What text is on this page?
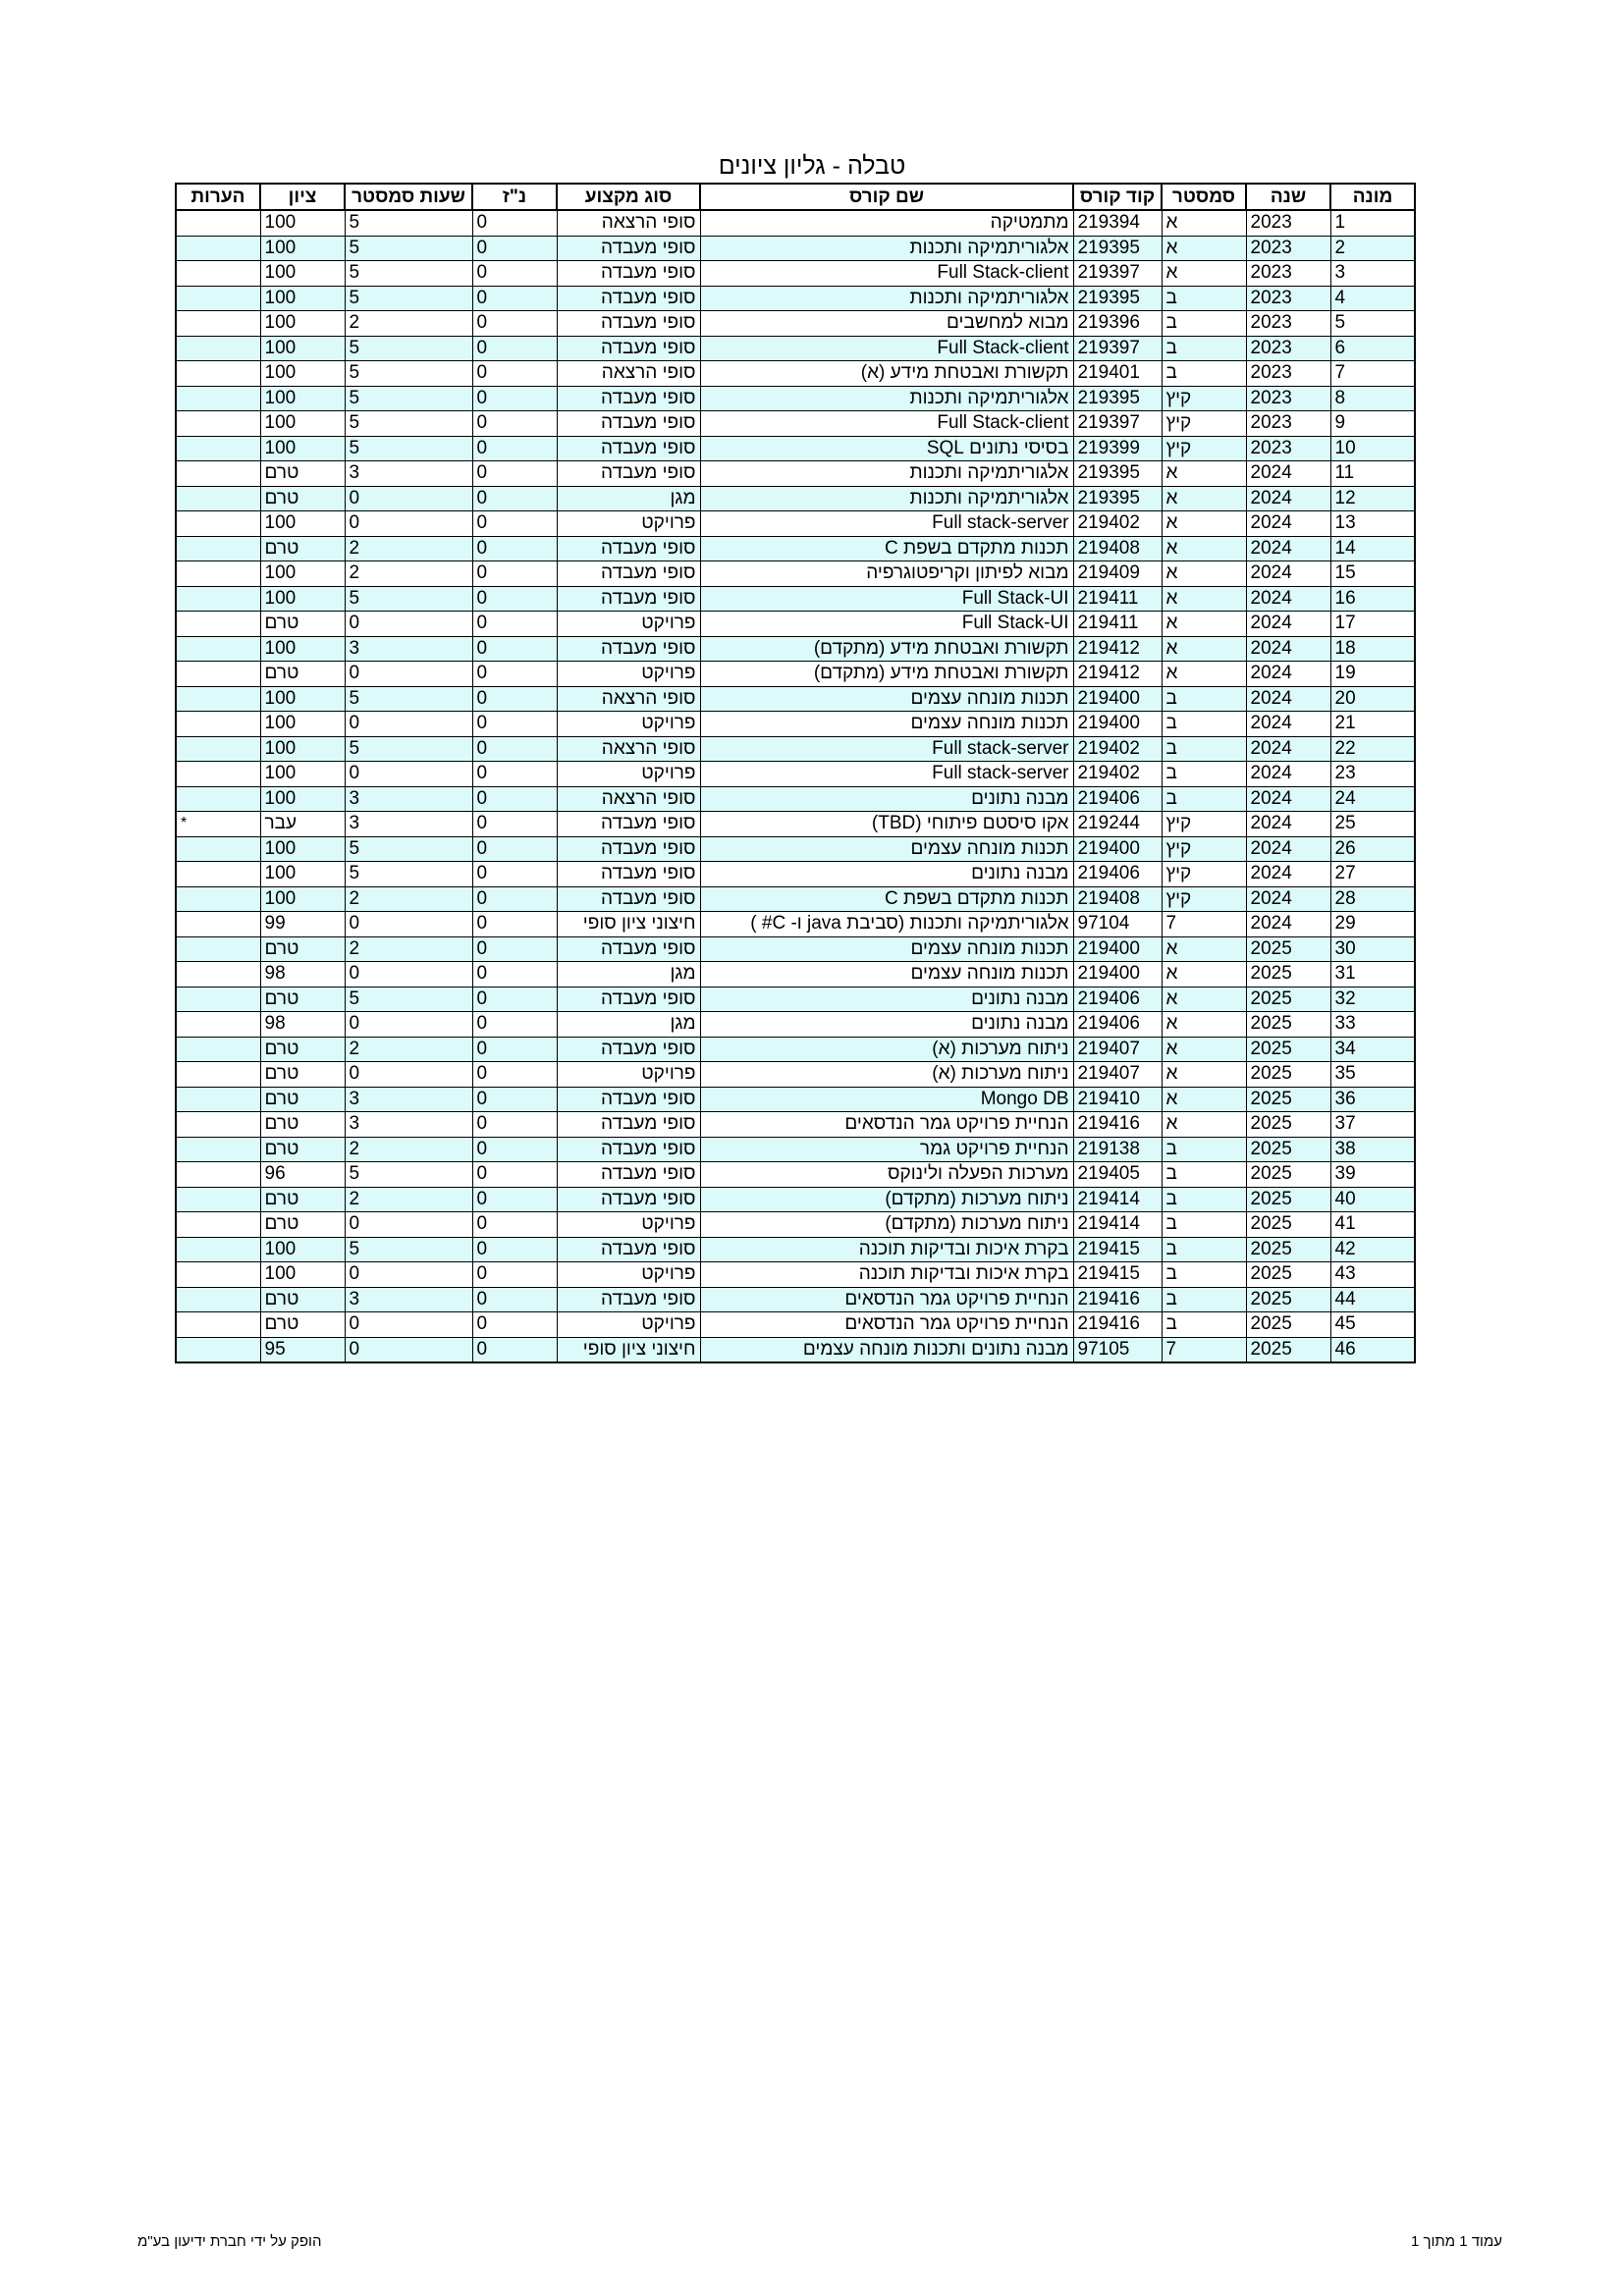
טבלה - גליון ציונים
מונה	שנה	סמסטר	קוד קורס	שם קורס	סוג מקצוע	נ"ז	שעות סמסטר	ציון	הערות
1	2023	א	219394	מתמטיקה	סופי הרצאה	0	5	100	
2	2023	א	219395	אלגוריתמיקה ותכנות	סופי מעבדה	0	5	100	
3	2023	א	219397	Full Stack-client	סופי מעבדה	0	5	100	
4	2023	ב	219395	אלגוריתמיקה ותכנות	סופי מעבדה	0	5	100	
5	2023	ב	219396	מבוא למחשבים	סופי מעבדה	0	2	100	
6	2023	ב	219397	Full Stack-client	סופי מעבדה	0	5	100	
7	2023	ב	219401	תקשורת ואבטחת מידע (א)	סופי הרצאה	0	5	100	
8	2023	קיץ	219395	אלגוריתמיקה ותכנות	סופי מעבדה	0	5	100	
9	2023	קיץ	219397	Full Stack-client	סופי מעבדה	0	5	100	
10	2023	קיץ	219399	בסיסי נתונים SQL	סופי מעבדה	0	5	100	
11	2024	א	219395	אלגוריתמיקה ותכנות	סופי מעבדה	0	3	טרם	
12	2024	א	219395	אלגוריתמיקה ותכנות	מגן	0	0	טרם	
13	2024	א	219402	Full stack-server	פרויקט	0	0	100	
14	2024	א	219408	תכנות מתקדם בשפת C	סופי מעבדה	0	2	טרם	
15	2024	א	219409	מבוא לפיתון וקריפטוגרפיה	סופי מעבדה	0	2	100	
16	2024	א	219411	Full Stack-UI	סופי מעבדה	0	5	100	
17	2024	א	219411	Full Stack-UI	פרויקט	0	0	טרם	
18	2024	א	219412	תקשורת ואבטחת מידע (מתקדם)	סופי מעבדה	0	3	100	
19	2024	א	219412	תקשורת ואבטחת מידע (מתקדם)	פרויקט	0	0	טרם	
20	2024	ב	219400	תכנות מונחה עצמים	סופי הרצאה	0	5	100	
21	2024	ב	219400	תכנות מונחה עצמים	פרויקט	0	0	100	
22	2024	ב	219402	Full stack-server	סופי הרצאה	0	5	100	
23	2024	ב	219402	Full stack-server	פרויקט	0	0	100	
24	2024	ב	219406	מבנה נתונים	סופי הרצאה	0	3	100	
25	2024	קיץ	219244	אקו סיסטם פיתוחי (TBD)	סופי מעבדה	0	3	עבר	*
26	2024	קיץ	219400	תכנות מונחה עצמים	סופי מעבדה	0	5	100	
27	2024	קיץ	219406	מבנה נתונים	סופי מעבדה	0	5	100	
28	2024	קיץ	219408	תכנות מתקדם בשפת C	סופי מעבדה	0	2	100	
29	2024	7	97104	אלגוריתמיקה ותכנות (סביבת java ו- C# )	חיצוני ציון סופי	0	0	99	
30	2025	א	219400	תכנות מונחה עצמים	סופי מעבדה	0	2	טרם	
31	2025	א	219400	תכנות מונחה עצמים	מגן	0	0	98	
32	2025	א	219406	מבנה נתונים	סופי מעבדה	0	5	טרם	
33	2025	א	219406	מבנה נתונים	מגן	0	0	98	
34	2025	א	219407	ניתוח מערכות (א)	סופי מעבדה	0	2	טרם	
35	2025	א	219407	ניתוח מערכות (א)	פרויקט	0	0	טרם	
36	2025	א	219410	Mongo DB	סופי מעבדה	0	3	טרם	
37	2025	א	219416	הנחיית פרויקט גמר הנדסאים	סופי מעבדה	0	3	טרם	
38	2025	ב	219138	הנחיית פרויקט גמר	סופי מעבדה	0	2	טרם	
39	2025	ב	219405	מערכות הפעלה ולינוקס	סופי מעבדה	0	5	96	
40	2025	ב	219414	ניתוח מערכות (מתקדם)	סופי מעבדה	0	2	טרם	
41	2025	ב	219414	ניתוח מערכות (מתקדם)	פרויקט	0	0	טרם	
42	2025	ב	219415	בקרת איכות ובדיקות תוכנה	סופי מעבדה	0	5	100	
43	2025	ב	219415	בקרת איכות ובדיקות תוכנה	פרויקט	0	0	100	
44	2025	ב	219416	הנחיית פרויקט גמר הנדסאים	סופי מעבדה	0	3	טרם	
45	2025	ב	219416	הנחיית פרויקט גמר הנדסאים	פרויקט	0	0	טרם	
46	2025	7	97105	מבנה נתונים ותכנות מונחה עצמים	חיצוני ציון סופי	0	0	95	
הופק על ידי חברת ידיעון בע"מ	עמוד 1 מתוך 1
